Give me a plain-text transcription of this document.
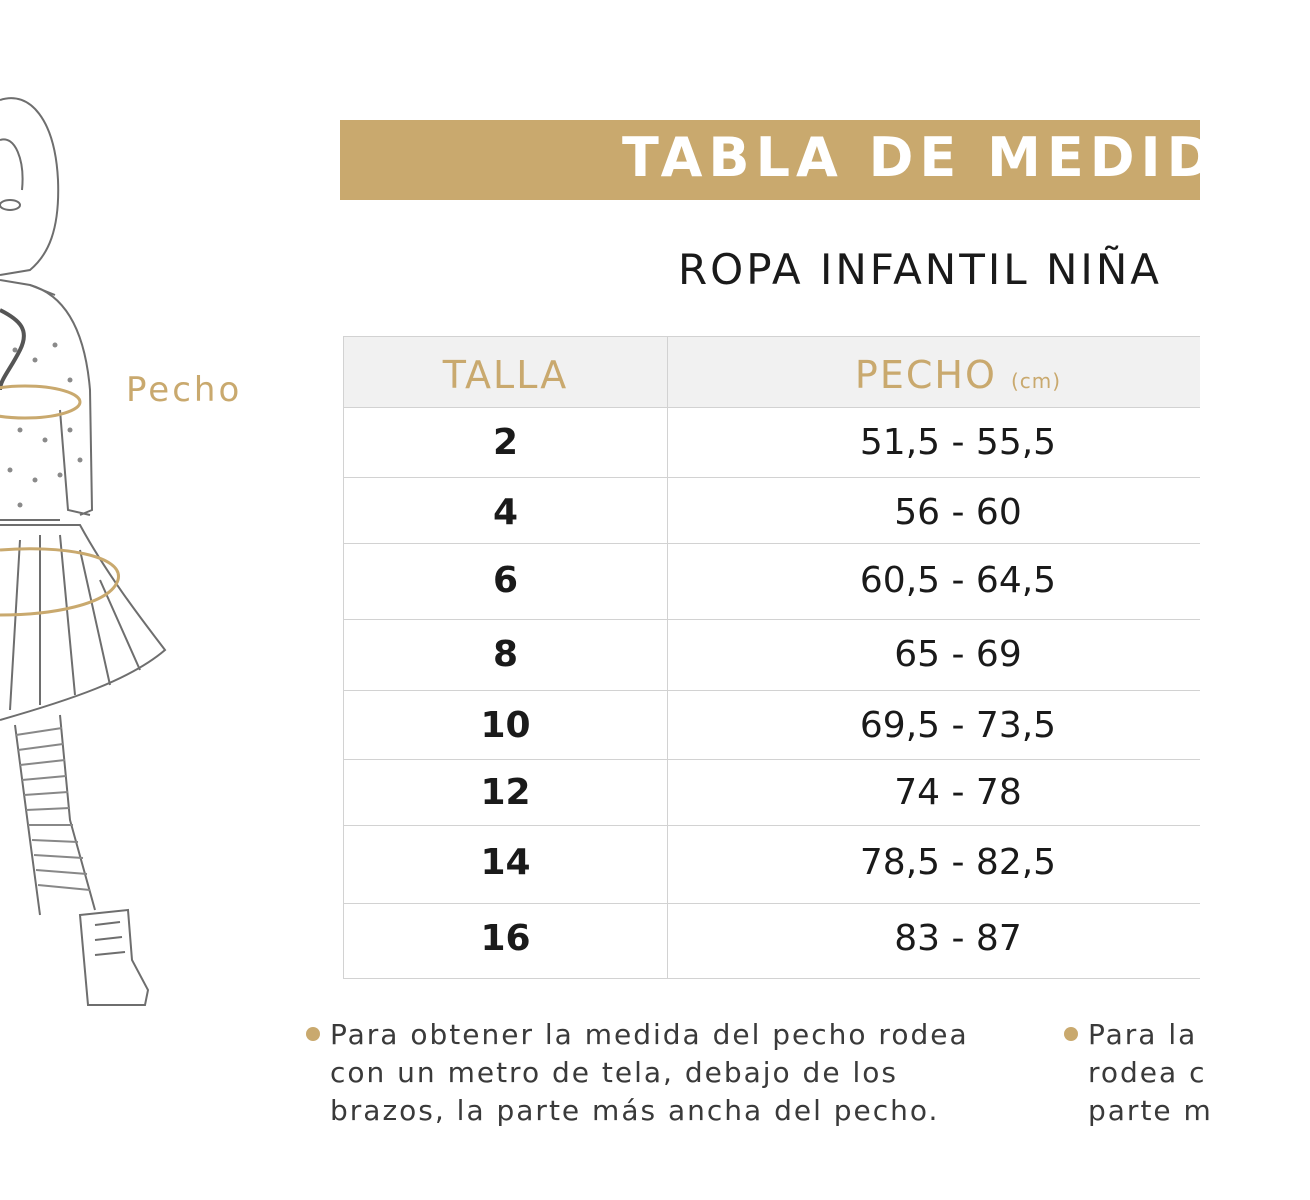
Pecho
TABLA DE MEDIDAS
ROPA INFANTIL NIÑA
TALLA	PECHO (cm)
2	51,5 - 55,5
4	56 - 60
6	60,5 - 64,5
8	65 - 69
10	69,5 - 73,5
12	74 - 78
14	78,5 - 82,5
16	83 - 87
Para obtener la medida del pecho rodea
con un metro de tela, debajo de los
brazos, la parte más ancha del pecho.
Para la
rodea c
parte m
